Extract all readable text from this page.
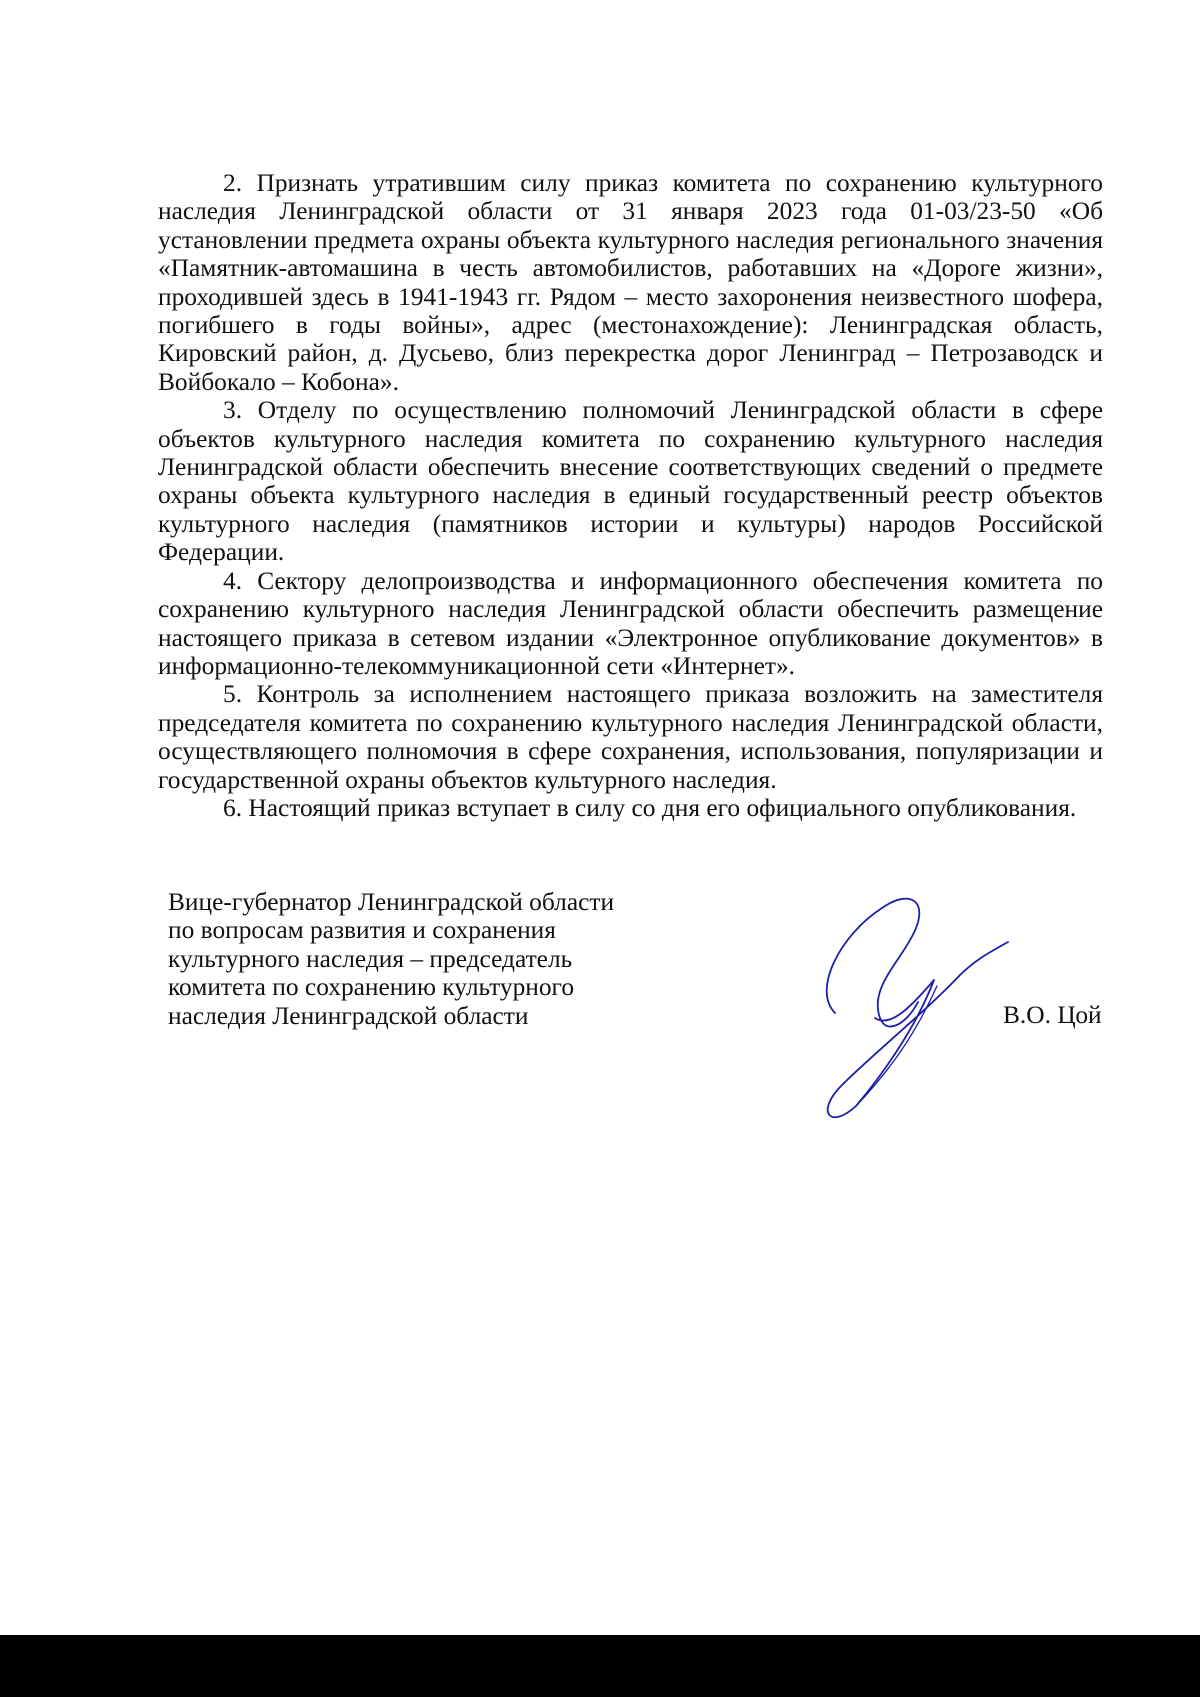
2. Признать утратившим силу приказ комитета по сохранению культурного наследия Ленинградской области от 31 января 2023 года 01-03/23-50 «Об установлении предмета охраны объекта культурного наследия регионального значения «Памятник-автомашина в честь автомобилистов, работавших на «Дороге жизни», проходившей здесь в 1941-1943 гг. Рядом – место захоронения неизвестного шофера, погибшего в годы войны», адрес (местонахождение): Ленинградская область, Кировский район, д. Дусьево, близ перекрестка дорог Ленинград – Петрозаводск и Войбокало – Кобона».

3. Отделу по осуществлению полномочий Ленинградской области в сфере объектов культурного наследия комитета по сохранению культурного наследия Ленинградской области обеспечить внесение соответствующих сведений о предмете охраны объекта культурного наследия в единый государственный реестр объектов культурного наследия (памятников истории и культуры) народов Российской Федерации.

4. Сектору делопроизводства и информационного обеспечения комитета по сохранению культурного наследия Ленинградской области обеспечить размещение настоящего приказа в сетевом издании «Электронное опубликование документов» в информационно-телекоммуникационной сети «Интернет».

5. Контроль за исполнением настоящего приказа возложить на заместителя председателя комитета по сохранению культурного наследия Ленинградской области, осуществляющего полномочия в сфере сохранения, использования, популяризации и государственной охраны объектов культурного наследия.

6. Настоящий приказ вступает в силу со дня его официального опубликования.

Вице-губернатор Ленинградской области
по вопросам развития и сохранения
культурного наследия – председатель
комитета по сохранению культурного
наследия Ленинградской области	В.О. Цой
